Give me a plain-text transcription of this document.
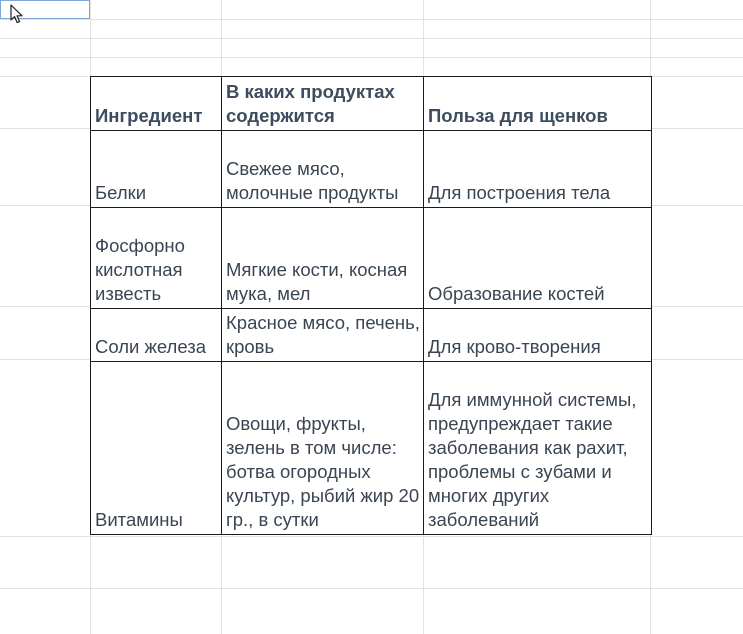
Ингредиент	В каких продуктах содержится	Польза для щенков
Белки	Свежее мясо, молочные продукты	Для построения тела
Фосфорно кислотная известь	Мягкие кости, косная мука, мел	Образование костей
Соли железа	Красное мясо, печень, кровь	Для крово-творения
Витамины	Овощи, фрукты, зелень в том числе: ботва огородных культур, рыбий жир 20 гр., в сутки	Для иммунной системы, предупреждает такие заболевания как рахит, проблемы с зубами и многих других заболеваний
